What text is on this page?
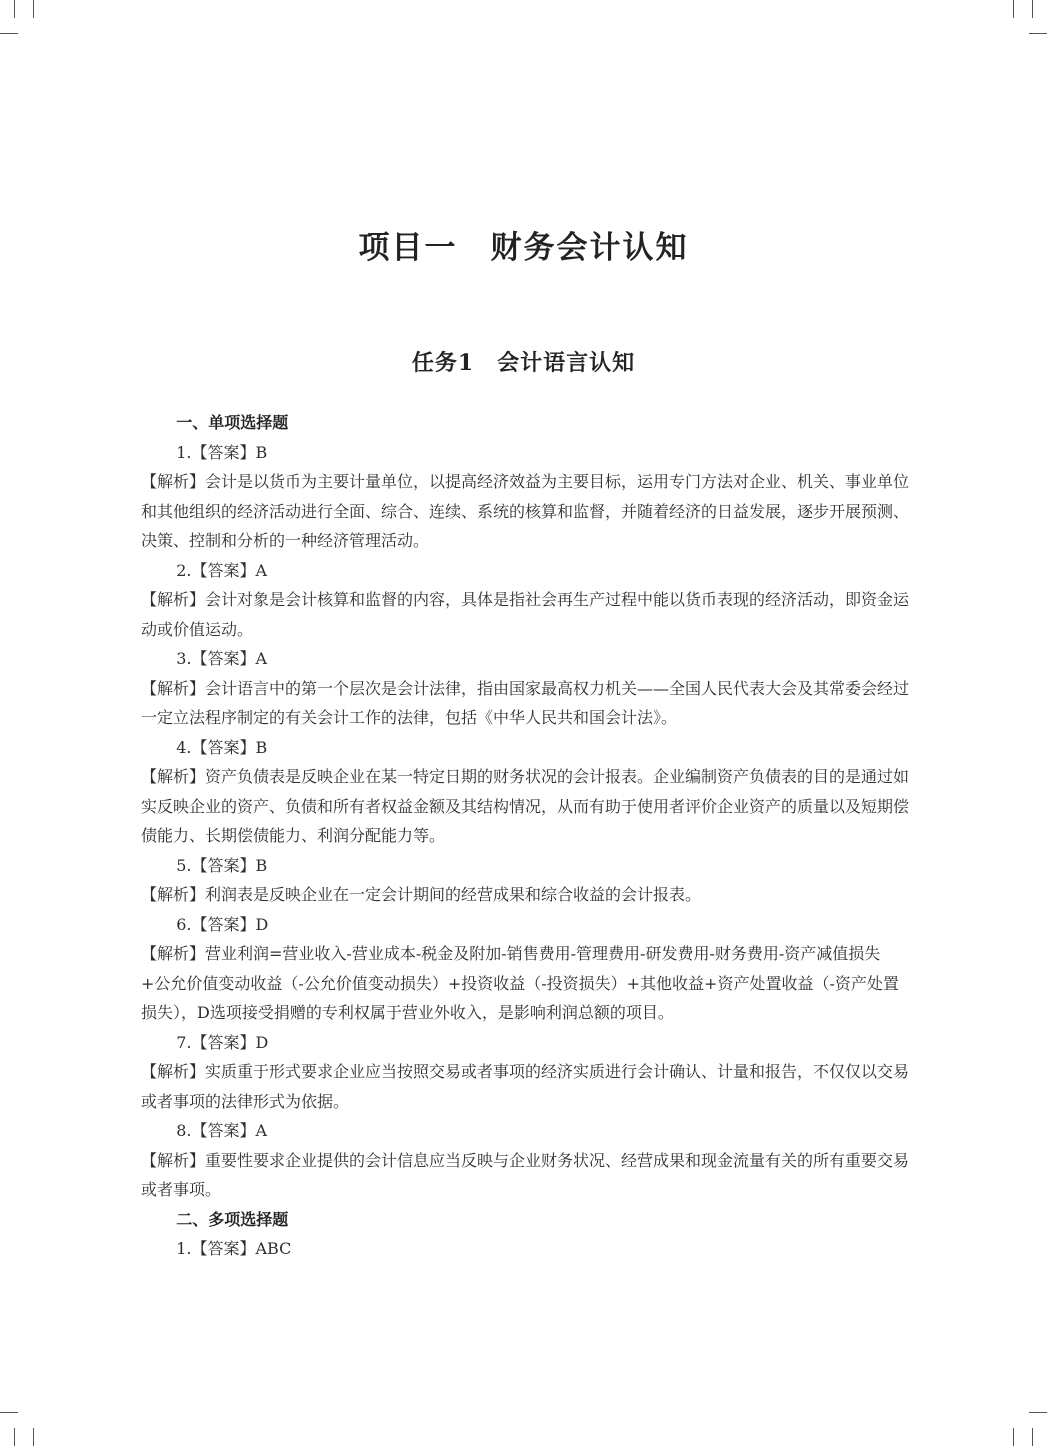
项目一　财务会计认知
任务1　会计语言认知

一、单项选择题

1.【答案】B

【解析】会计是以货币为主要计量单位，以提高经济效益为主要目标，运用专门方法对企业、机关、事业单位和其他组织的经济活动进行全面、综合、连续、系统的核算和监督，并随着经济的日益发展，逐步开展预测、决策、控制和分析的一种经济管理活动。

2.【答案】A

【解析】会计对象是会计核算和监督的内容，具体是指社会再生产过程中能以货币表现的经济活动，即资金运动或价值运动。

3.【答案】A

【解析】会计语言中的第一个层次是会计法律，指由国家最高权力机关——全国人民代表大会及其常委会经过一定立法程序制定的有关会计工作的法律，包括《中华人民共和国会计法》。

4.【答案】B

【解析】资产负债表是反映企业在某一特定日期的财务状况的会计报表。企业编制资产负债表的目的是通过如实反映企业的资产、负债和所有者权益金额及其结构情况，从而有助于使用者评价企业资产的质量以及短期偿债能力、长期偿债能力、利润分配能力等。

5.【答案】B

【解析】利润表是反映企业在一定会计期间的经营成果和综合收益的会计报表。

6.【答案】D

【解析】营业利润=营业收入-营业成本-税金及附加-销售费用-管理费用-研发费用-财务费用-资产减值损失+公允价值变动收益（-公允价值变动损失）+投资收益（-投资损失）+其他收益+资产处置收益（-资产处置损失），D选项接受捐赠的专利权属于营业外收入，是影响利润总额的项目。

7.【答案】D

【解析】实质重于形式要求企业应当按照交易或者事项的经济实质进行会计确认、计量和报告，不仅仅以交易或者事项的法律形式为依据。

8.【答案】A

【解析】重要性要求企业提供的会计信息应当反映与企业财务状况、经营成果和现金流量有关的所有重要交易或者事项。

二、多项选择题

1.【答案】ABC
